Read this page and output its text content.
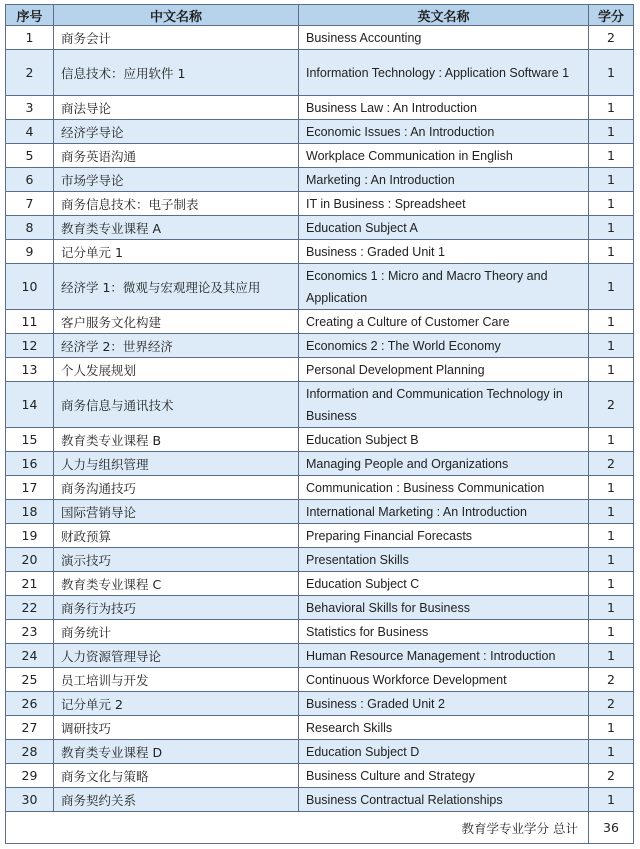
序号	中文名称	英文名称	学分
1	商务会计	Business Accounting	2
2	信息技术：应用软件 1	Information Technology : Application Software 1	1
3	商法导论	Business Law : An Introduction	1
4	经济学导论	Economic Issues : An Introduction	1
5	商务英语沟通	Workplace Communication in English	1
6	市场学导论	Marketing : An Introduction	1
7	商务信息技术：电子制表	IT in Business : Spreadsheet	1
8	教育类专业课程 A	Education Subject A	1
9	记分单元 1	Business : Graded Unit 1	1
10	经济学 1：微观与宏观理论及其应用	Economics 1 : Micro and Macro Theory and Application	1
11	客户服务文化构建	Creating a Culture of Customer Care	1
12	经济学 2：世界经济	Economics 2 : The World Economy	1
13	个人发展规划	Personal Development Planning	1
14	商务信息与通讯技术	Information and Communication Technology in Business	2
15	教育类专业课程 B	Education Subject B	1
16	人力与组织管理	Managing People and Organizations	2
17	商务沟通技巧	Communication : Business Communication	1
18	国际营销导论	International Marketing : An Introduction	1
19	财政预算	Preparing Financial Forecasts	1
20	演示技巧	Presentation Skills	1
21	教育类专业课程 C	Education Subject C	1
22	商务行为技巧	Behavioral Skills for Business	1
23	商务统计	Statistics for Business	1
24	人力资源管理导论	Human Resource Management : Introduction	1
25	员工培训与开发	Continuous Workforce Development	2
26	记分单元 2	Business : Graded Unit 2	2
27	调研技巧	Research Skills	1
28	教育类专业课程 D	Education Subject D	1
29	商务文化与策略	Business Culture and Strategy	2
30	商务契约关系	Business Contractual Relationships	1
教育学专业学分 总计			36
